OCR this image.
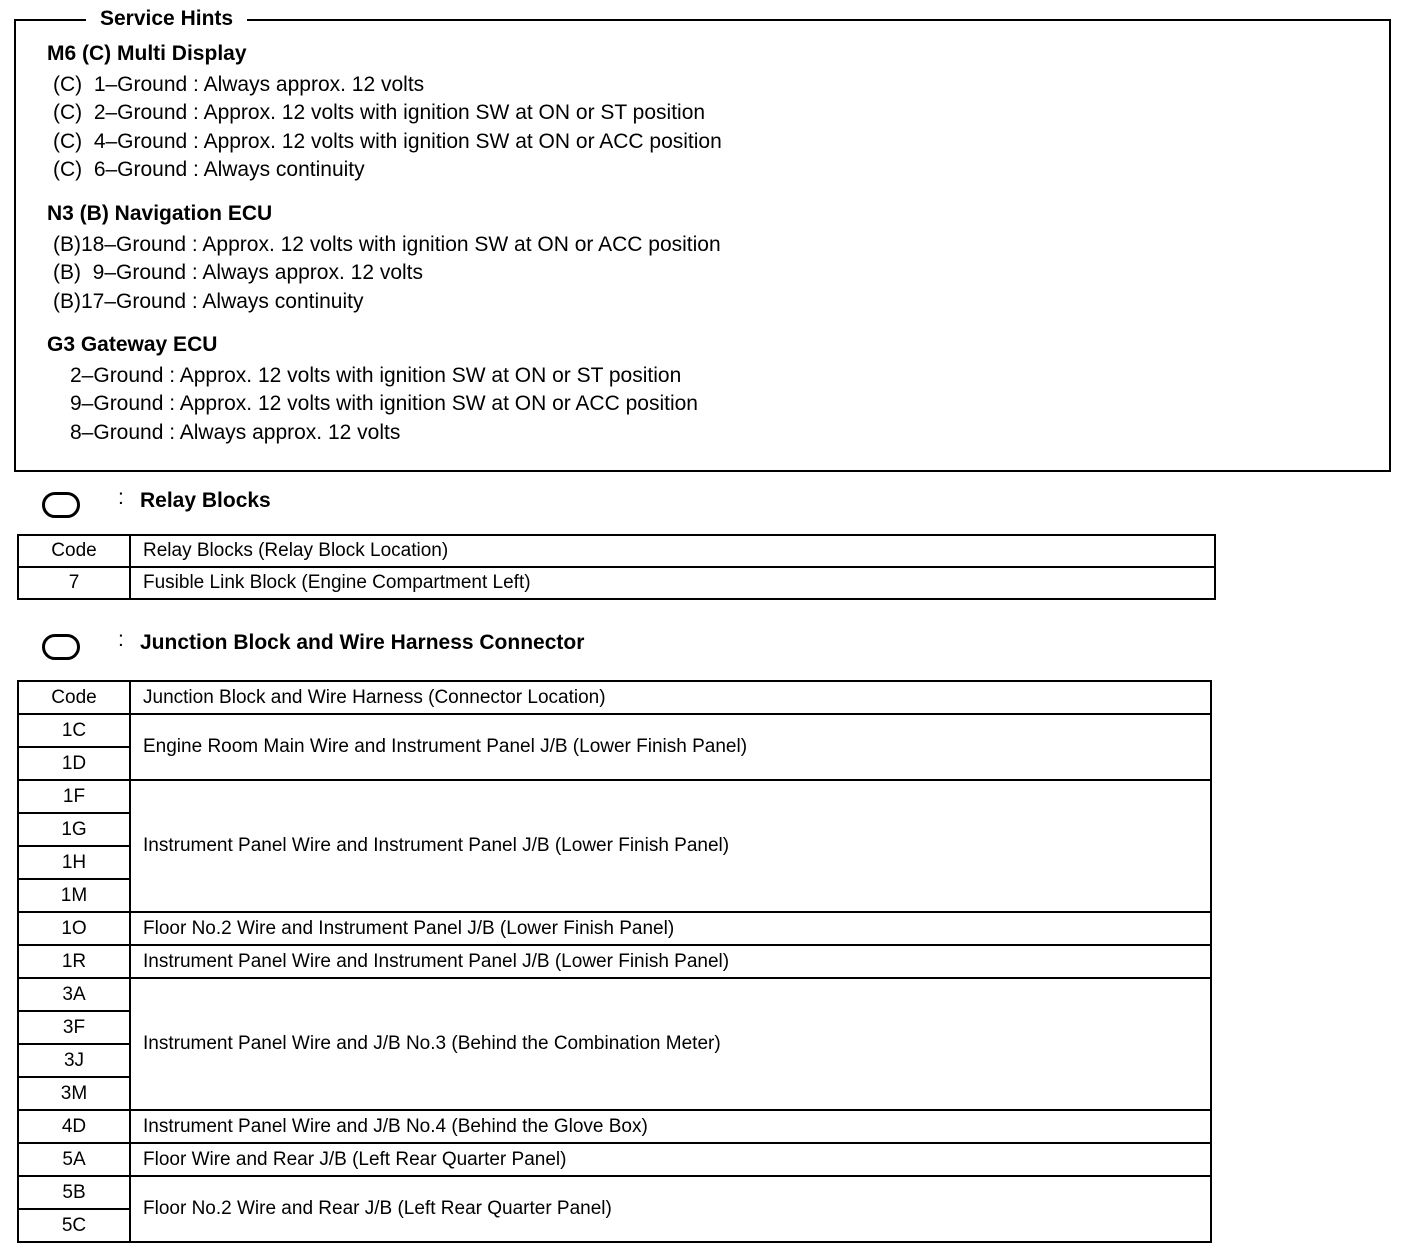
Service Hints
M6 (C) Multi Display
(C)  1–Ground : Always approx. 12 volts
(C)  2–Ground : Approx. 12 volts with ignition SW at ON or ST position
(C)  4–Ground : Approx. 12 volts with ignition SW at ON or ACC position
(C)  6–Ground : Always continuity
N3 (B) Navigation ECU
(B)18–Ground : Approx. 12 volts with ignition SW at ON or ACC position
(B)  9–Ground : Always approx. 12 volts
(B)17–Ground : Always continuity
G3 Gateway ECU
2–Ground : Approx. 12 volts with ignition SW at ON or ST position
9–Ground : Approx. 12 volts with ignition SW at ON or ACC position
8–Ground : Always approx. 12 volts
: Relay Blocks
Code	Relay Blocks (Relay Block Location)
7	Fusible Link Block (Engine Compartment Left)
: Junction Block and Wire Harness Connector
Code	Junction Block and Wire Harness (Connector Location)
1C	Engine Room Main Wire and Instrument Panel J/B (Lower Finish Panel)
1D	
1F	Instrument Panel Wire and Instrument Panel J/B (Lower Finish Panel)
1G	
1H	
1M	
1O	Floor No.2 Wire and Instrument Panel J/B (Lower Finish Panel)
1R	Instrument Panel Wire and Instrument Panel J/B (Lower Finish Panel)
3A	Instrument Panel Wire and J/B No.3 (Behind the Combination Meter)
3F	
3J	
3M	
4D	Instrument Panel Wire and J/B No.4 (Behind the Glove Box)
5A	Floor Wire and Rear J/B (Left Rear Quarter Panel)
5B	Floor No.2 Wire and Rear J/B (Left Rear Quarter Panel)
5C	
